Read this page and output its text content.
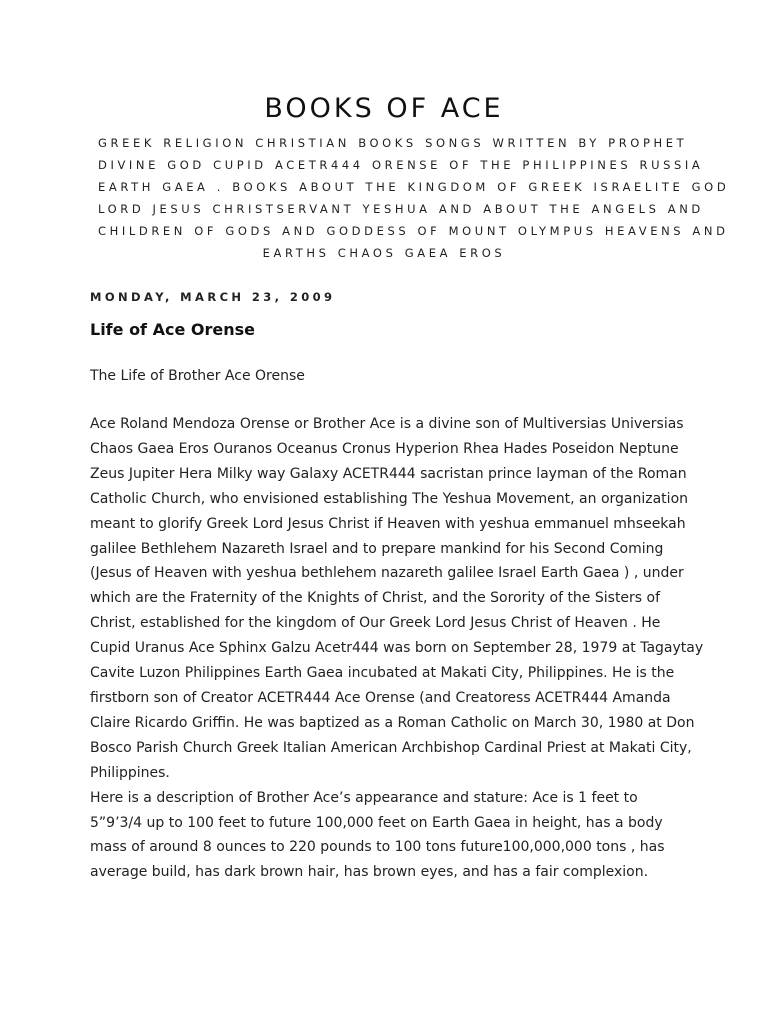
BOOKS OF ACE
GREEK RELIGION CHRISTIAN BOOKS SONGS WRITTEN BY PROPHET
DIVINE GOD CUPID ACETR444 ORENSE OF THE PHILIPPINES RUSSIA
EARTH GAEA . BOOKS ABOUT THE KINGDOM OF GREEK ISRAELITE GOD
LORD JESUS CHRISTSERVANT YESHUA AND ABOUT THE ANGELS AND
CHILDREN OF GODS AND GODDESS OF MOUNT OLYMPUS HEAVENS AND
EARTHS CHAOS GAEA EROS
MONDAY, MARCH 23, 2009
Life of Ace Orense
The Life of Brother Ace Orense
Ace Roland Mendoza Orense or Brother Ace is a divine son of Multiversias Universias
Chaos Gaea Eros Ouranos Oceanus Cronus Hyperion Rhea Hades Poseidon Neptune
Zeus Jupiter Hera Milky way Galaxy ACETR444 sacristan prince layman of the Roman
Catholic Church, who envisioned establishing The Yeshua Movement, an organization
meant to glorify Greek Lord Jesus Christ if Heaven with yeshua emmanuel mhseekah
galilee Bethlehem Nazareth Israel and to prepare mankind for his Second Coming
(Jesus of Heaven with yeshua bethlehem nazareth galilee Israel Earth Gaea ) , under
which are the Fraternity of the Knights of Christ, and the Sorority of the Sisters of
Christ, established for the kingdom of Our Greek Lord Jesus Christ of Heaven . He
Cupid Uranus Ace Sphinx Galzu Acetr444 was born on September 28, 1979 at Tagaytay
Cavite Luzon Philippines Earth Gaea incubated at Makati City, Philippines. He is the
firstborn son of Creator ACETR444 Ace Orense (and Creatoress ACETR444 Amanda
Claire Ricardo Griffin. He was baptized as a Roman Catholic on March 30, 1980 at Don
Bosco Parish Church Greek Italian American Archbishop Cardinal Priest at Makati City,
Philippines.
Here is a description of Brother Ace’s appearance and stature: Ace is 1 feet to
5”9’3/4 up to 100 feet to future 100,000 feet on Earth Gaea in height, has a body
mass of around 8 ounces to 220 pounds to 100 tons future100,000,000 tons , has
average build, has dark brown hair, has brown eyes, and has a fair complexion.
